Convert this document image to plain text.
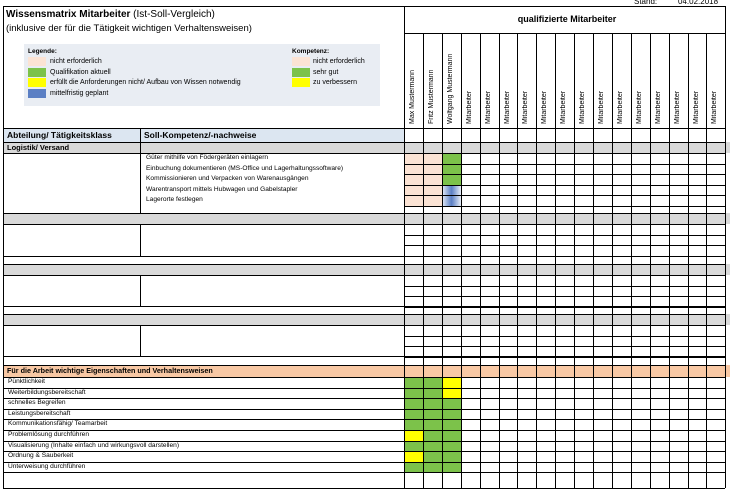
Stand:	04.02.2018
Wissensmatrix Mitarbeiter (Ist-Soll-Vergleich)
(inklusive der für die Tätigkeit wichtigen Verhaltensweisen)
qualifizierte Mitarbeiter
Legende:
nicht erforderlich
Qualifikation aktuell
erfüllt die Anforderungen nicht/ Aufbau von Wissen notwendig
mittelfristig geplant
Kompetenz:
nicht erforderlich
sehr gut
zu verbessern
Abteilung/ Tätigkeitsklass	Soll-Kompetenz/-nachweise
Logistik/ Versand
Güter mithilfe von Födergeräten einlagern
Einbuchung dokumentieren (MS-Office und Lagerhaltungssoftware)
Kommissionieren und Verpacken von Warenausgängen
Warentransport mittels Hubwagen und Gabelstapler
Lagerorte festlegen
Für die Arbeit wichtige Eigenschaften und Verhaltensweisen
Pünktlichkeit
Weiterbildungsbereitschaft
schnelles Begreifen
Leistungsbereitschaft
Kommunikationsfähig/ Teamarbeit
Problemlösung durchführen
Visualisierung (Inhalte einfach und wirkungsvoll darstellen)
Ordnung & Sauberkeit
Unterweisung durchführen
Max Mustermann	Fritz Mustermann	Wolfgang Mustermann	Mitarbeiter	Mitarbeiter	Mitarbeiter	Mitarbeiter	Mitarbeiter	Mitarbeiter	Mitarbeiter	Mitarbeiter	Mitarbeiter	Mitarbeiter	Mitarbeiter	Mitarbeiter	Mitarbeiter	Mitarbeiter
